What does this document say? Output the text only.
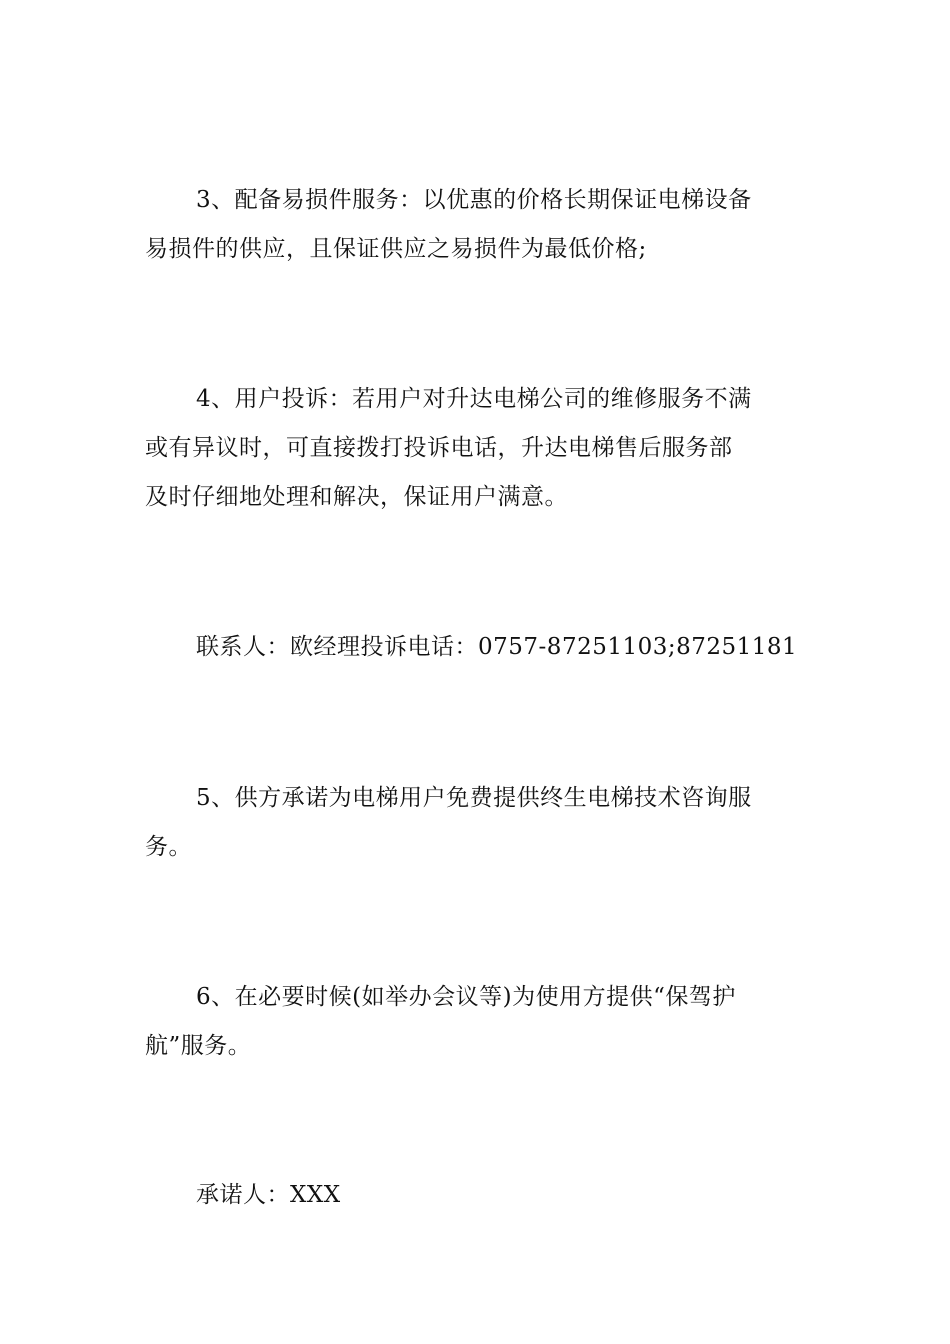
3、配备易损件服务：以优惠的价格长期保证电梯设备
易损件的供应，且保证供应之易损件为最低价格;
4、用户投诉：若用户对升达电梯公司的维修服务不满
或有异议时，可直接拨打投诉电话，升达电梯售后服务部
及时仔细地处理和解决，保证用户满意。
联系人：欧经理投诉电话：0757-87251103;87251181
5、供方承诺为电梯用户免费提供终生电梯技术咨询服
务。
6、在必要时候(如举办会议等)为使用方提供“保驾护
航”服务。
承诺人：XXX
